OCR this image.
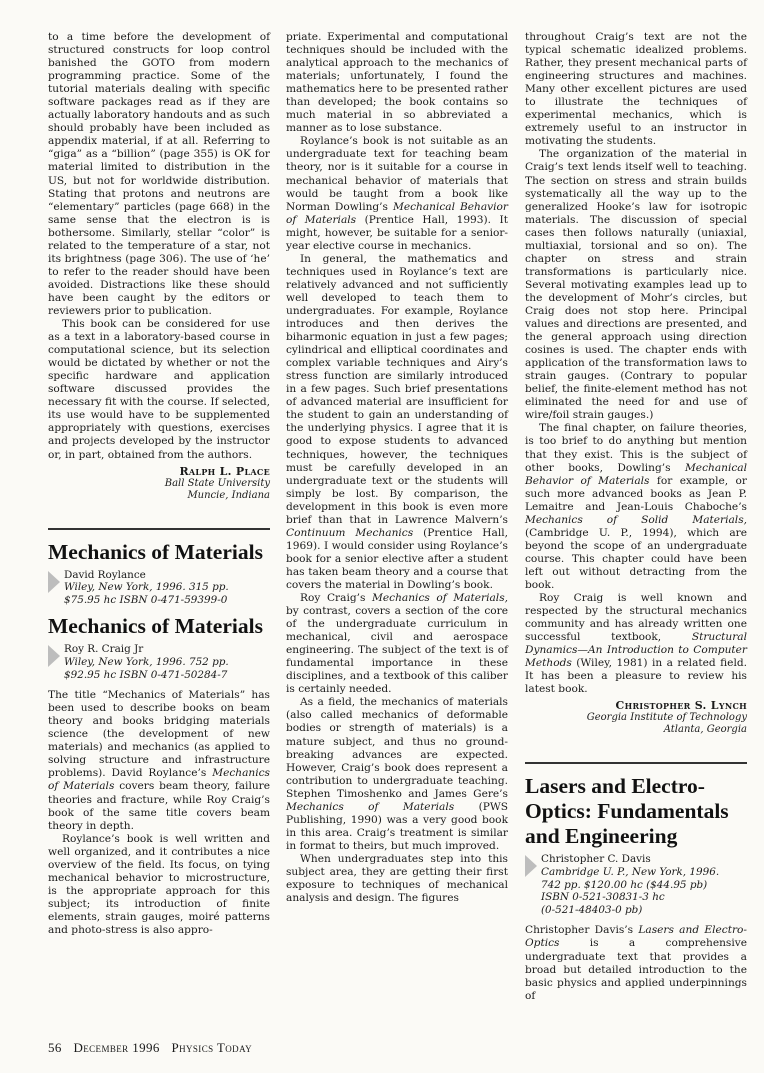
to a time before the development of structured constructs for loop control banished the GOTO from modern programming practice. Some of the tutorial materials dealing with specific software packages read as if they are actually laboratory handouts and as such should probably have been included as appendix material, if at all. Referring to “giga” as a “billion” (page 355) is OK for material limited to distribution in the US, but not for worldwide distribution. Stating that protons and neutrons are “elementary” particles (page 668) in the same sense that the electron is is bothersome. Similarly, stellar “color” is related to the temperature of a star, not its brightness (page 306). The use of ‘he’ to refer to the reader should have been avoided. Distractions like these should have been caught by the editors or reviewers prior to publication.

This book can be considered for use as a text in a laboratory-based course in computational science, but its selection would be dictated by whether or not the specific hardware and application software discussed provides the necessary fit with the course. If selected, its use would have to be supplemented appropriately with questions, exercises and projects developed by the instructor or, in part, obtained from the authors.

Ralph L. Place
Ball State University
Muncie, Indiana
Mechanics of Materials
David Roylance
Wiley, New York, 1996. 315 pp.
$75.95 hc ISBN 0-471-59399-0
Mechanics of Materials
Roy R. Craig Jr
Wiley, New York, 1996. 752 pp.
$92.95 hc ISBN 0-471-50284-7

The title “Mechanics of Materials” has been used to describe books on beam theory and books bridging materials science (the development of new materials) and mechanics (as applied to solving structure and infrastructure problems). David Roylance’s Mechanics of Materials covers beam theory, failure theories and fracture, while Roy Craig’s book of the same title covers beam theory in depth.

Roylance’s book is well written and well organized, and it contributes a nice overview of the field. Its focus, on tying mechanical behavior to microstructure, is the appropriate approach for this subject; its introduction of finite elements, strain gauges, moiré patterns and photo-stress is also appro-

priate. Experimental and computational techniques should be included with the analytical approach to the mechanics of materials; unfortunately, I found the mathematics here to be presented rather than developed; the book contains so much material in so abbreviated a manner as to lose substance.

Roylance’s book is not suitable as an undergraduate text for teaching beam theory, nor is it suitable for a course in mechanical behavior of materials that would be taught from a book like Norman Dowling’s Mechanical Behavior of Materials (Prentice Hall, 1993). It might, however, be suitable for a senior-year elective course in mechanics.

In general, the mathematics and techniques used in Roylance’s text are relatively advanced and not sufficiently well developed to teach them to undergraduates. For example, Roylance introduces and then derives the biharmonic equation in just a few pages; cylindrical and elliptical coordinates and complex variable techniques and Airy’s stress function are similarly introduced in a few pages. Such brief presentations of advanced material are insufficient for the student to gain an understanding of the underlying physics. I agree that it is good to expose students to advanced techniques, however, the techniques must be carefully developed in an undergraduate text or the students will simply be lost. By comparison, the development in this book is even more brief than that in Lawrence Malvern’s Continuum Mechanics (Prentice Hall, 1969). I would consider using Roylance’s book for a senior elective after a student has taken beam theory and a course that covers the material in Dowling’s book.

Roy Craig’s Mechanics of Materials, by contrast, covers a section of the core of the undergraduate curriculum in mechanical, civil and aerospace engineering. The subject of the text is of fundamental importance in these disciplines, and a textbook of this caliber is certainly needed.

As a field, the mechanics of materials (also called mechanics of deformable bodies or strength of materials) is a mature subject, and thus no ground-breaking advances are expected. However, Craig’s book does represent a contribution to undergraduate teaching. Stephen Timoshenko and James Gere’s Mechanics of Materials (PWS Publishing, 1990) was a very good book in this area. Craig’s treatment is similar in format to theirs, but much improved.

When undergraduates step into this subject area, they are getting their first exposure to techniques of mechanical analysis and design. The figures

throughout Craig’s text are not the typical schematic idealized problems. Rather, they present mechanical parts of engineering structures and machines. Many other excellent pictures are used to illustrate the techniques of experimental mechanics, which is extremely useful to an instructor in motivating the students.

The organization of the material in Craig’s text lends itself well to teaching. The section on stress and strain builds systematically all the way up to the generalized Hooke’s law for isotropic materials. The discussion of special cases then follows naturally (uniaxial, multiaxial, torsional and so on). The chapter on stress and strain transformations is particularly nice. Several motivating examples lead up to the development of Mohr’s circles, but Craig does not stop here. Principal values and directions are presented, and the general approach using direction cosines is used. The chapter ends with application of the transformation laws to strain gauges. (Contrary to popular belief, the finite-element method has not eliminated the need for and use of wire/foil strain gauges.)

The final chapter, on failure theories, is too brief to do anything but mention that they exist. This is the subject of other books, Dowling’s Mechanical Behavior of Materials for example, or such more advanced books as Jean P. Lemaitre and Jean-Louis Chaboche’s Mechanics of Solid Materials, (Cambridge U. P., 1994), which are beyond the scope of an undergraduate course. This chapter could have been left out without detracting from the book.

Roy Craig is well known and respected by the structural mechanics community and has already written one successful textbook, Structural Dynamics—An Introduction to Computer Methods (Wiley, 1981) in a related field. It has been a pleasure to review his latest book.

Christopher S. Lynch
Georgia Institute of Technology
Atlanta, Georgia
Lasers and Electro-Optics: Fundamentals and Engineering
Christopher C. Davis
Cambridge U. P., New York, 1996.
742 pp. $120.00 hc ($44.95 pb)
ISBN 0-521-30831-3 hc
(0-521-48403-0 pb)

Christopher Davis’s Lasers and Electro-Optics is a comprehensive undergraduate text that provides a broad but detailed introduction to the basic physics and applied underpinnings of

56 December 1996 Physics Today
